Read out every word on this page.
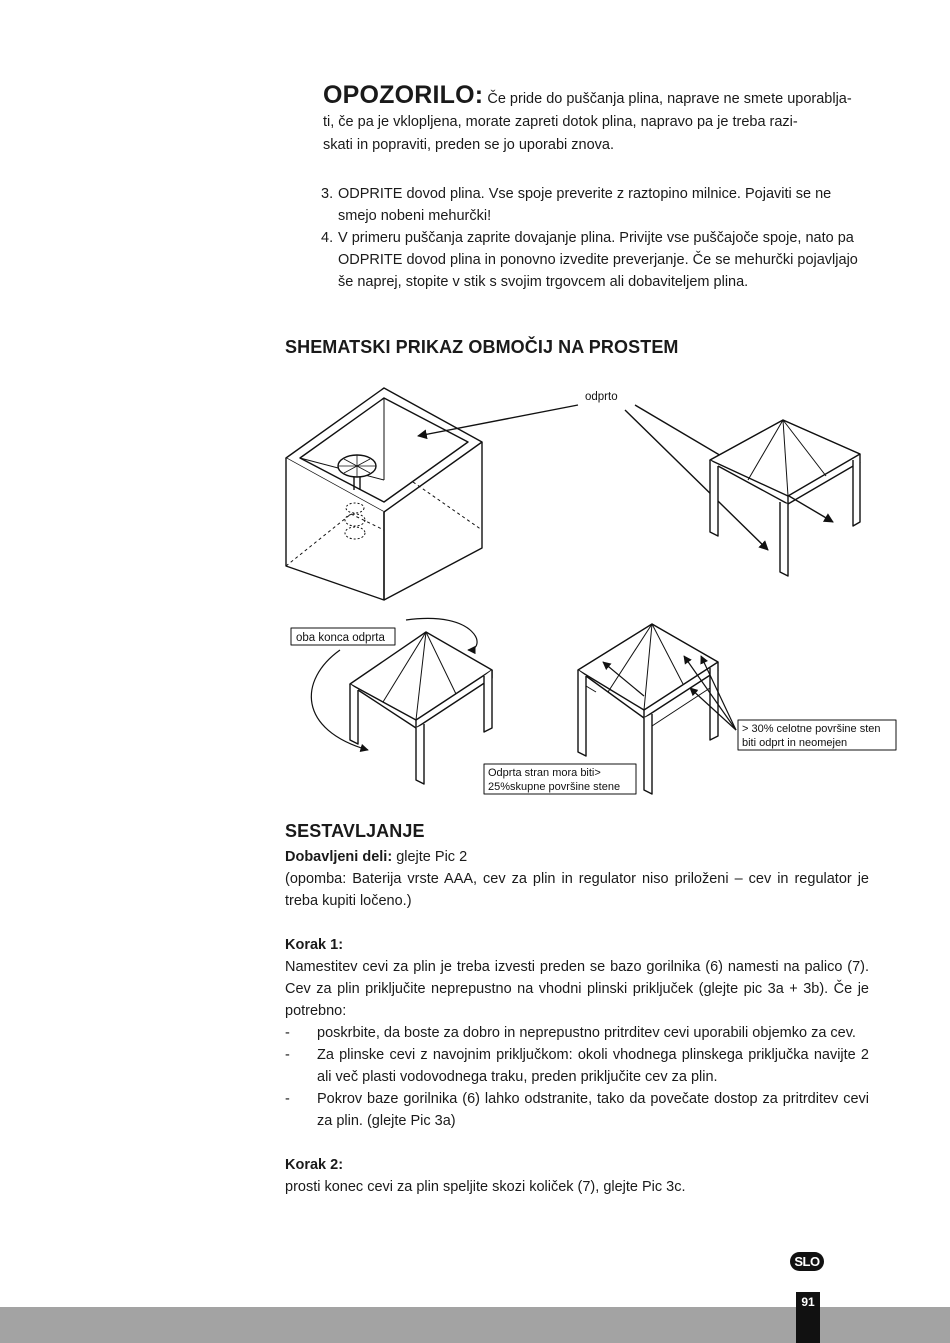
OPOZORILO: Če pride do puščanja plina, naprave ne smete uporablja-
ti, če pa je vklopljena, morate zapreti dotok plina, napravo pa je treba razi-
skati in popraviti, preden se jo uporabi znova.
3. ODPRITE dovod plina. Vse spoje preverite z raztopino milnice. Pojaviti se ne smejo nobeni mehurčki!
4. V primeru puščanja zaprite dovajanje plina. Privijte vse puščajoče spoje, nato pa ODPRITE dovod plina in ponovno izvedite preverjanje. Če se mehurčki pojavljajo še naprej, stopite v stik s svojim trgovcem ali dobaviteljem plina.
SHEMATSKI PRIKAZ OBMOČIJ NA PROSTEM
odprto
oba konca odprta
> 30% celotne površine sten
biti odprt in neomejen
Odprta stran mora biti>
25%skupne površine stene
SESTAVLJANJE

Dobavljeni deli: glejte Pic 2

(opomba: Baterija vrste AAA, cev za plin in regulator niso priloženi – cev in regulator je treba kupiti ločeno.)

Korak 1:

Namestitev cevi za plin je treba izvesti preden se bazo gorilnika (6) namesti na palico (7). Cev za plin priključite neprepustno na vhodni plinski priključek (glejte pic 3a + 3b). Če je potrebno:

- poskrbite, da boste za dobro in neprepustno pritrditev cevi uporabili objemko za cev.
- Za plinske cevi z navojnim priključkom: okoli vhodnega plinskega priključka navijte 2 ali več plasti vodovodnega traku, preden priključite cev za plin.
- Pokrov baze gorilnika (6) lahko odstranite, tako da povečate dostop za pritrditev cevi za plin. (glejte Pic 3a)

Korak 2:

prosti konec cevi za plin speljite skozi količek (7), glejte Pic 3c.

SLO
91
